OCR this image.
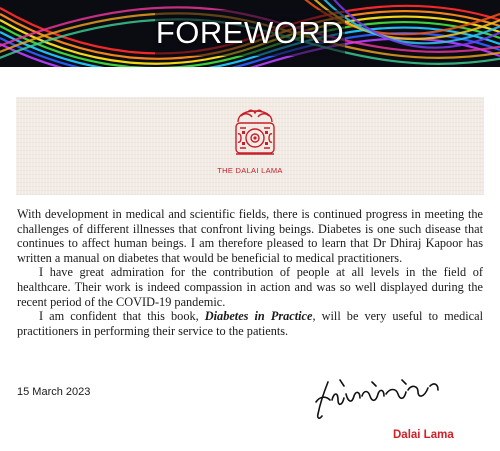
FOREWORD
THE DALAI LAMA

With development in medical and scientific fields, there is continued progress in meeting the challenges of different illnesses that confront living beings. Diabetes is one such disease that continues to affect human beings. I am therefore pleased to learn that Dr Dhiraj Kapoor has written a manual on diabetes that would be beneficial to medical practitioners.

I have great admiration for the contribution of people at all levels in the field of healthcare. Their work is indeed compassion in action and was so well displayed during the recent period of the COVID-19 pandemic.

I am confident that this book, Diabetes in Practice, will be very useful to medical practitioners in performing their service to the patients.

15 March 2023
Dalai Lama
